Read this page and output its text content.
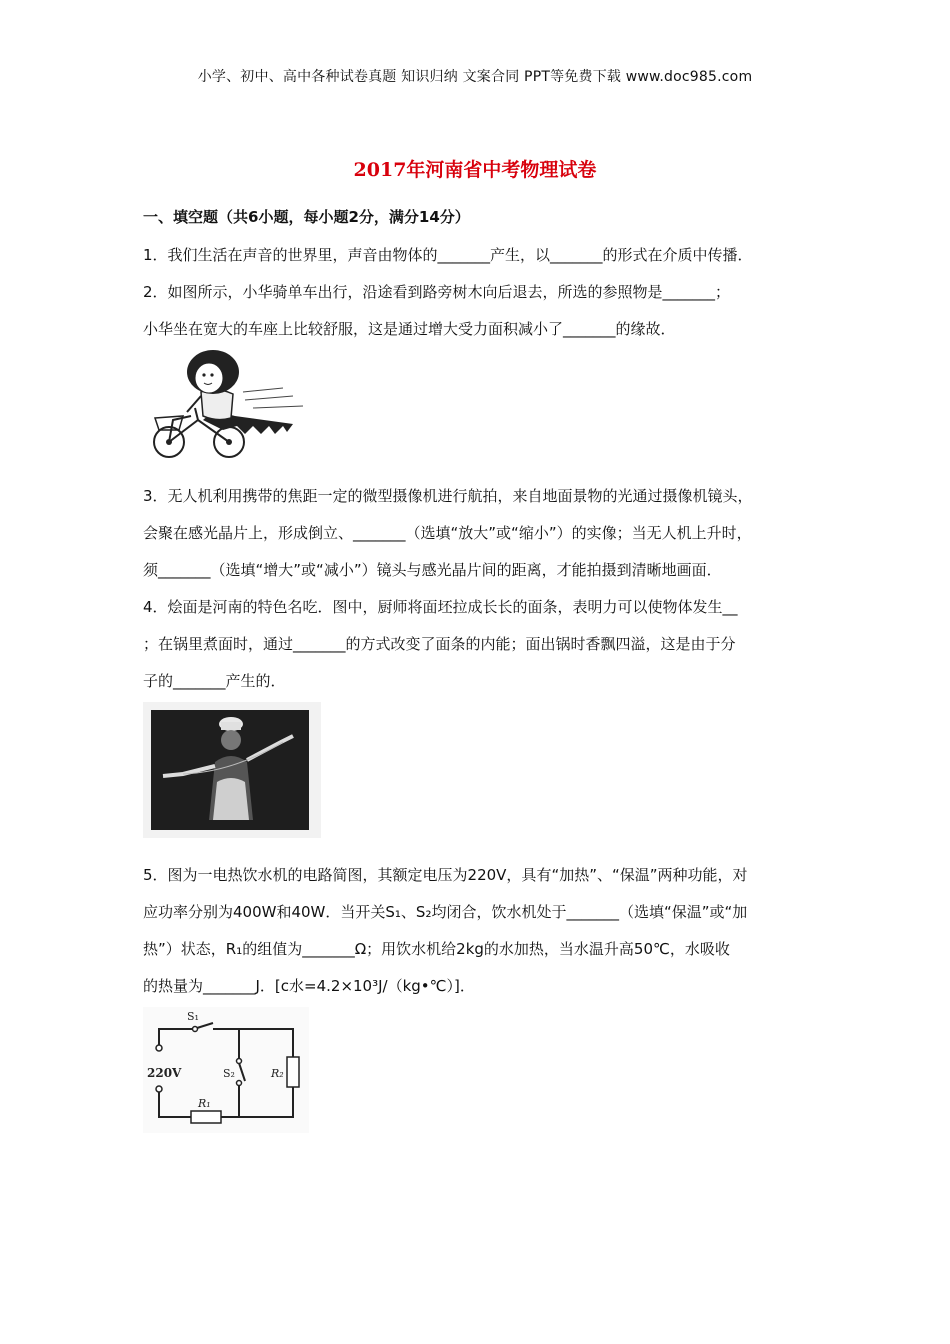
小学、初中、高中各种试卷真题 知识归纳 文案合同 PPT等免费下载 www.doc985.com
2017年河南省中考物理试卷
一、填空题（共6小题，每小题2分，满分14分）
1．我们生活在声音的世界里，声音由物体的_______产生，以_______的形式在介质中传播．
2．如图所示，小华骑单车出行，沿途看到路旁树木向后退去，所选的参照物是_______；
小华坐在宽大的车座上比较舒服，这是通过增大受力面积减小了_______的缘故．
3．无人机利用携带的焦距一定的微型摄像机进行航拍，来自地面景物的光通过摄像机镜头，
会聚在感光晶片上，形成倒立、_______（选填“放大”或“缩小”）的实像；当无人机上升时，
须_______（选填“增大”或“减小”）镜头与感光晶片间的距离，才能拍摄到清晰地画面．
4．烩面是河南的特色名吃．图中，厨师将面坯拉成长长的面条，表明力可以使物体发生__
；在锅里煮面时，通过_______的方式改变了面条的内能；面出锅时香飘四溢，这是由于分
子的_______产生的．
5．图为一电热饮水机的电路简图，其额定电压为220V，具有“加热”、“保温”两种功能，对
应功率分别为400W和40W．当开关S₁、S₂均闭合，饮水机处于_______（选填“保温”或“加
热”）状态，R₁的组值为_______Ω；用饮水机给2kg的水加热，当水温升高50℃，水吸收
的热量为_______J．[c水=4.2×10³J/（kg•℃）]．
S₁
220V
R₁
R₂
S₂
